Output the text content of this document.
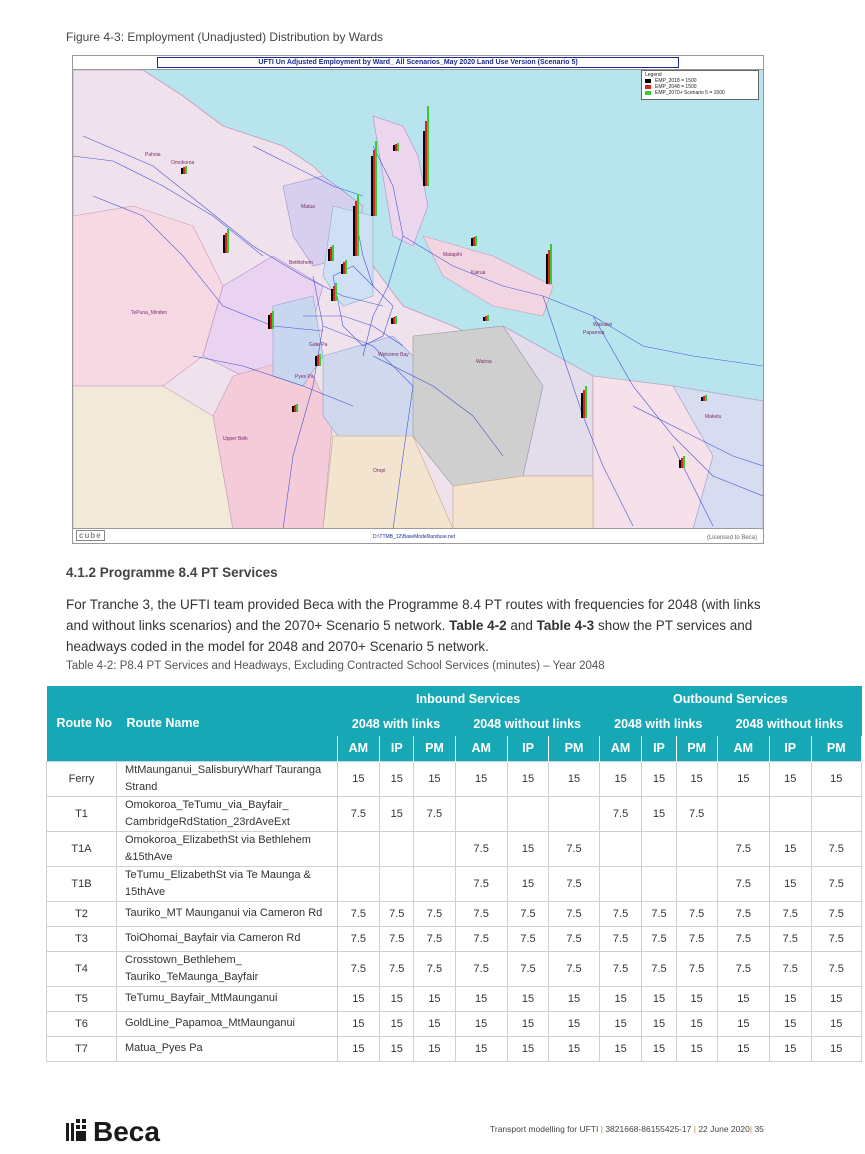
Figure 4-3: Employment (Unadjusted) Distribution by Wards
Pahoia
Omokoroa
TePuna_Minden
Bethlehem
Matua
Matapihi
Kairua
Wairakei
Papamoa
Welcome Bay
Pyes Pa
Upper Belk
Oropi
Wairoa
Maketu
Gate Pa
UFTI Un Adjusted Employment by Ward_ All Scenarios_May 2020 Land Use Version (Scenario 5)
Legend
EMP_2018 = 1500
EMP_2048 = 1500
EMP_2070+ Scenario 5 = 1500
cube	D:\TTMB_12\BaseModel\landuse.net	(Licensed to Beca)
4.1.2 Programme 8.4 PT Services
For Tranche 3, the UFTI team provided Beca with the Programme 8.4 PT routes with frequencies for 2048 (with links and without links scenarios) and the 2070+ Scenario 5 network. Table 4-2 and Table 4-3 show the PT services and headways coded in the model for 2048 and 2070+ Scenario 5 network.
Table 4-2: P8.4 PT Services and Headways, Excluding Contracted School Services (minutes) – Year 2048
Route No	Route Name	Inbound Services						Outbound Services					
		2048 with links			2048 without links			2048 with links			2048 without links		
		AM	IP	PM	AM	IP	PM	AM	IP	PM	AM	IP	PM
Ferry	MtMaunganui_SalisburyWharf Tauranga Strand	15	15	15	15	15	15	15	15	15	15	15	15
T1	Omokoroa_TeTumu_via_Bayfair_ CambridgeRdStation_23rdAveExt	7.5	15	7.5				7.5	15	7.5			
T1A	Omokoroa_ElizabethSt via Bethlehem &15thAve				7.5	15	7.5				7.5	15	7.5
T1B	TeTumu_ElizabethSt via Te Maunga & 15thAve				7.5	15	7.5				7.5	15	7.5
T2	Tauriko_MT Maunganui via Cameron Rd	7.5	7.5	7.5	7.5	7.5	7.5	7.5	7.5	7.5	7.5	7.5	7.5
T3	ToiOhomai_Bayfair via Cameron Rd	7.5	7.5	7.5	7.5	7.5	7.5	7.5	7.5	7.5	7.5	7.5	7.5
T4	Crosstown_Bethlehem_ Tauriko_TeMaunga_Bayfair	7.5	7.5	7.5	7.5	7.5	7.5	7.5	7.5	7.5	7.5	7.5	7.5
T5	TeTumu_Bayfair_MtMaunganui	15	15	15	15	15	15	15	15	15	15	15	15
T6	GoldLine_Papamoa_MtMaunganui	15	15	15	15	15	15	15	15	15	15	15	15
T7	Matua_Pyes Pa	15	15	15	15	15	15	15	15	15	15	15	15
Beca	Transport modelling for UFTI | 3821668-86155425-17 | 22 June 2020| 35
